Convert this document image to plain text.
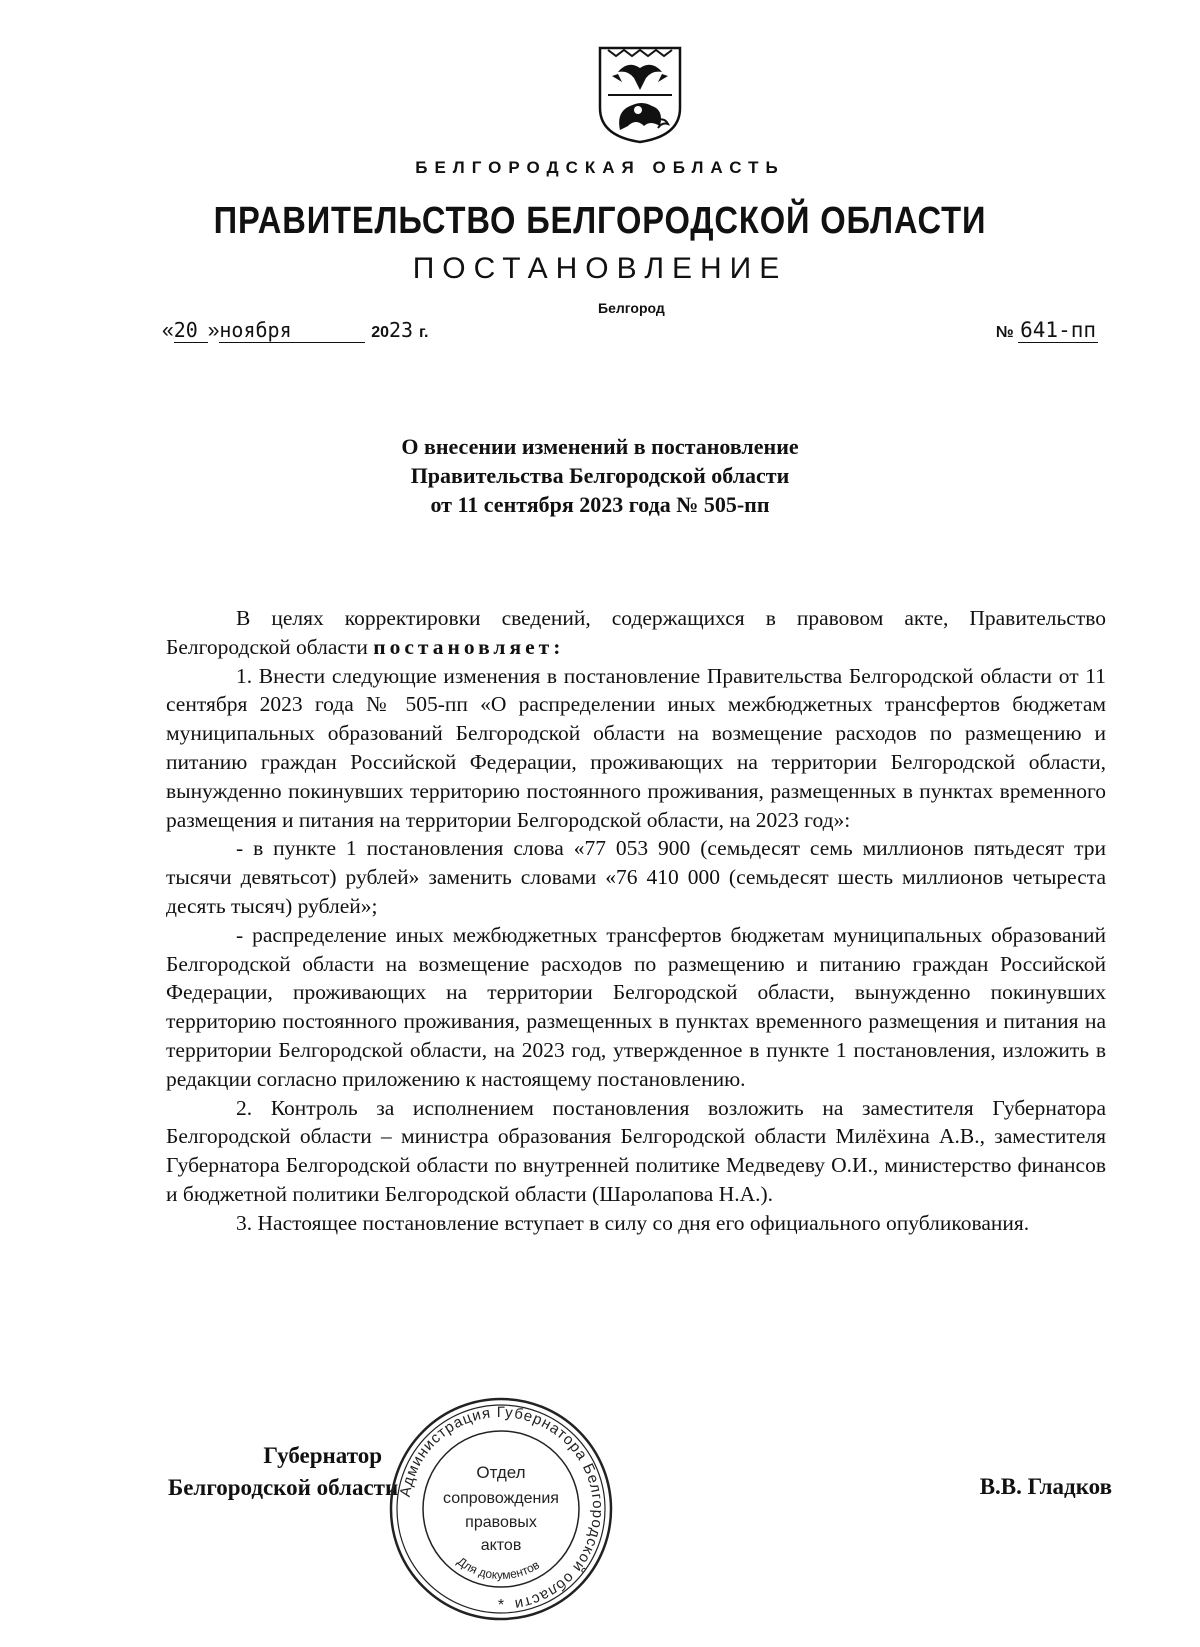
БЕЛГОРОДСКАЯ ОБЛАСТЬ
ПРАВИТЕЛЬСТВО БЕЛГОРОДСКОЙ ОБЛАСТИ
ПОСТАНОВЛЕНИЕ
Белгород
«20 »ноября	2023 г.	№ 641-пп
О внесении изменений в постановление
Правительства Белгородской области
от 11 сентября 2023 года № 505-пп

В целях корректировки сведений, содержащихся в правовом акте, Правительство Белгородской области постановляет:

1. Внести следующие изменения в постановление Правительства Белгородской области от 11 сентября 2023 года № 505-пп «О распределении иных межбюджетных трансфертов бюджетам муниципальных образований Белгородской области на возмещение расходов по размещению и питанию граждан Российской Федерации, проживающих на территории Белгородской области, вынужденно покинувших территорию постоянного проживания, размещенных в пунктах временного размещения и питания на территории Белгородской области, на 2023 год»:

- в пункте 1 постановления слова «77 053 900 (семьдесят семь миллионов пятьдесят три тысячи девятьсот) рублей» заменить словами «76 410 000 (семьдесят шесть миллионов четыреста десять тысяч) рублей»;

- распределение иных межбюджетных трансфертов бюджетам муниципальных образований Белгородской области на возмещение расходов по размещению и питанию граждан Российской Федерации, проживающих на территории Белгородской области, вынужденно покинувших территорию постоянного проживания, размещенных в пунктах временного размещения и питания на территории Белгородской области, на 2023 год, утвержденное в пункте 1 постановления, изложить в редакции согласно приложению к настоящему постановлению.

2. Контроль за исполнением постановления возложить на заместителя Губернатора Белгородской области – министра образования Белгородской области Милёхина А.В., заместителя Губернатора Белгородской области по внутренней политике Медведеву О.И., министерство финансов и бюджетной политики Белгородской области (Шаролапова Н.А.).

3. Настоящее постановление вступает в силу со дня его официального опубликования.

Губернатор
Белгородской области	В.В. Гладков
Администрация Губернатора Белгородской области
Для документов
Отдел
сопровождения
правовых
актов
*
